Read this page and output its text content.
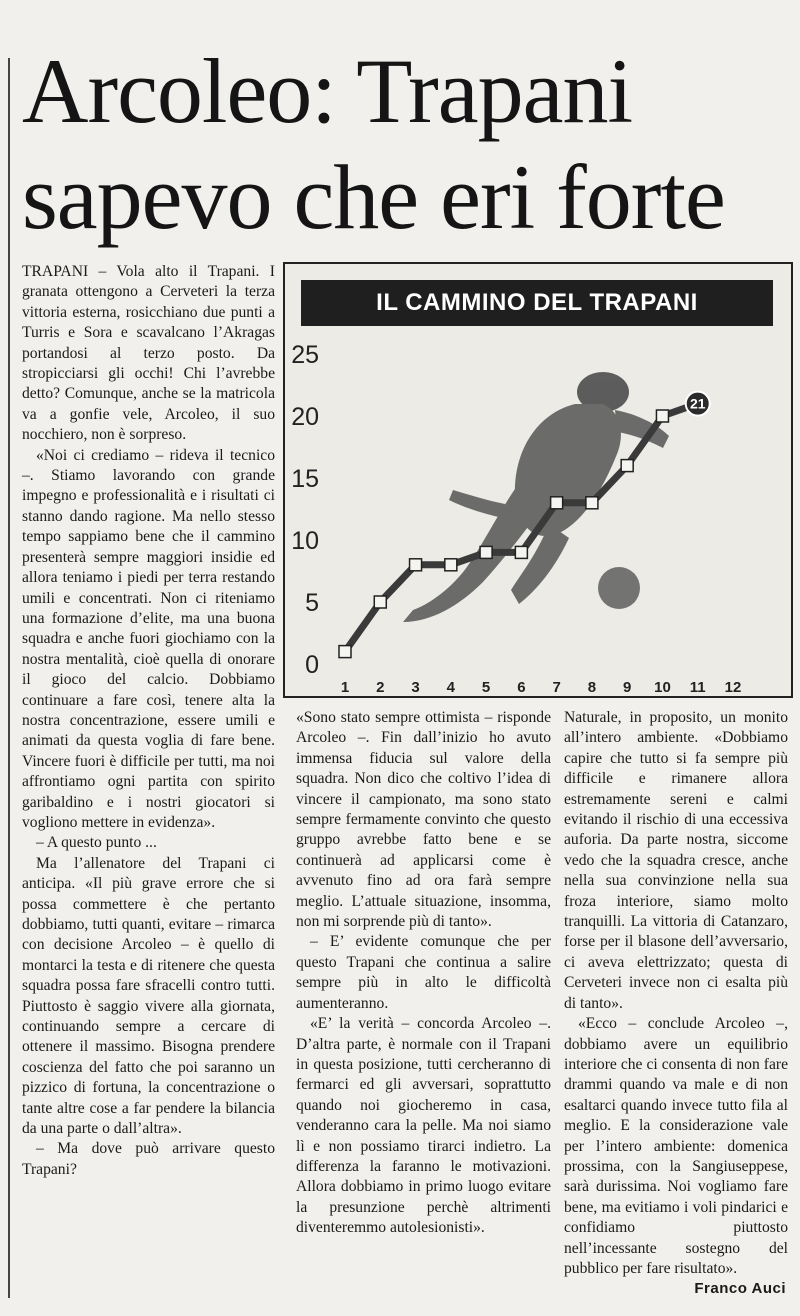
Arcoleo: Trapani
sapevo che eri forte

TRAPANI – Vola alto il Trapani. I granata ottengono a Cerveteri la terza vittoria esterna, rosicchiano due punti a Turris e Sora e scavalcano l’Akragas portandosi al terzo posto. Da stropicciarsi gli occhi! Chi l’avrebbe detto? Comunque, anche se la matricola va a gonfie vele, Arcoleo, il suo nocchiero, non è sorpreso.

«Noi ci crediamo – rideva il tecnico –. Stiamo lavorando con grande impegno e professionalità e i risultati ci stanno dando ragione. Ma nello stesso tempo sappiamo bene che il cammino presenterà sempre maggiori insidie ed allora teniamo i piedi per terra restando umili e concentrati. Non ci riteniamo una formazione d’elite, ma una buona squadra e anche fuori giochiamo con la nostra mentalità, cioè quella di onorare il gioco del calcio. Dobbiamo continuare a fare così, tenere alta la nostra concentrazione, essere umili e animati da questa voglia di fare bene. Vincere fuori è difficile per tutti, ma noi affrontiamo ogni partita con spirito garibaldino e i nostri giocatori si vogliono mettere in evidenza».

– A questo punto ...

Ma l’allenatore del Trapani ci anticipa. «Il più grave errore che si possa commettere è che pertanto dobbiamo, tutti quanti, evitare – rimarca con decisione Arcoleo – è quello di montarci la testa e di ritenere che questa squadra possa fare sfracelli contro tutti. Piuttosto è saggio vivere alla giornata, continuando sempre a cercare di ottenere il massimo. Bisogna prendere coscienza del fatto che poi saranno un pizzico di fortuna, la concentrazione o tante altre cose a far pendere la bilancia da una parte o dall’altra».

– Ma dove può arrivare questo Trapani?

0
5
10
15
20
25
1 2 3 4 5 6 7 8 9 10 11 12
21
IL CAMMINO DEL TRAPANI

«Sono stato sempre ottimista – risponde Arcoleo –. Fin dall’inizio ho avuto immensa fiducia sul valore della squadra. Non dico che coltivo l’idea di vincere il campionato, ma sono stato sempre fermamente convinto che questo gruppo avrebbe fatto bene e se continuerà ad applicarsi come è avvenuto fino ad ora farà sempre meglio. L’attuale situazione, insomma, non mi sorprende più di tanto».

– E’ evidente comunque che per questo Trapani che continua a salire sempre più in alto le difficoltà aumenteranno.

«E’ la verità – concorda Arcoleo –. D’altra parte, è normale con il Trapani in questa posizione, tutti cercheranno di fermarci ed gli avversari, soprattutto quando noi giocheremo in casa, venderanno cara la pelle. Ma noi siamo lì e non possiamo tirarci indietro. La differenza la faranno le motivazioni. Allora dobbiamo in primo luogo evitare la presunzione perchè altrimenti diventeremmo autolesionisti».

Naturale, in proposito, un monito all’intero ambiente. «Dobbiamo capire che tutto si fa sempre più difficile e rimanere allora estremamente sereni e calmi evitando il rischio di una eccessiva auforia. Da parte nostra, siccome vedo che la squadra cresce, anche nella sua convinzione nella sua froza interiore, siamo molto tranquilli. La vittoria di Catanzaro, forse per il blasone dell’avversario, ci aveva elettrizzato; questa di Cerveteri invece non ci esalta più di tanto».

«Ecco – conclude Arcoleo –, dobbiamo avere un equilibrio interiore che ci consenta di non fare drammi quando va male e di non esaltarci quando invece tutto fila al meglio. E la considerazione vale per l’intero ambiente: domenica prossima, con la Sangiuseppese, sarà durissima. Noi vogliamo fare bene, ma evitiamo i voli pindarici e confidiamo piuttosto nell’incessante sostegno del pubblico per fare risultato».

Franco Auci
